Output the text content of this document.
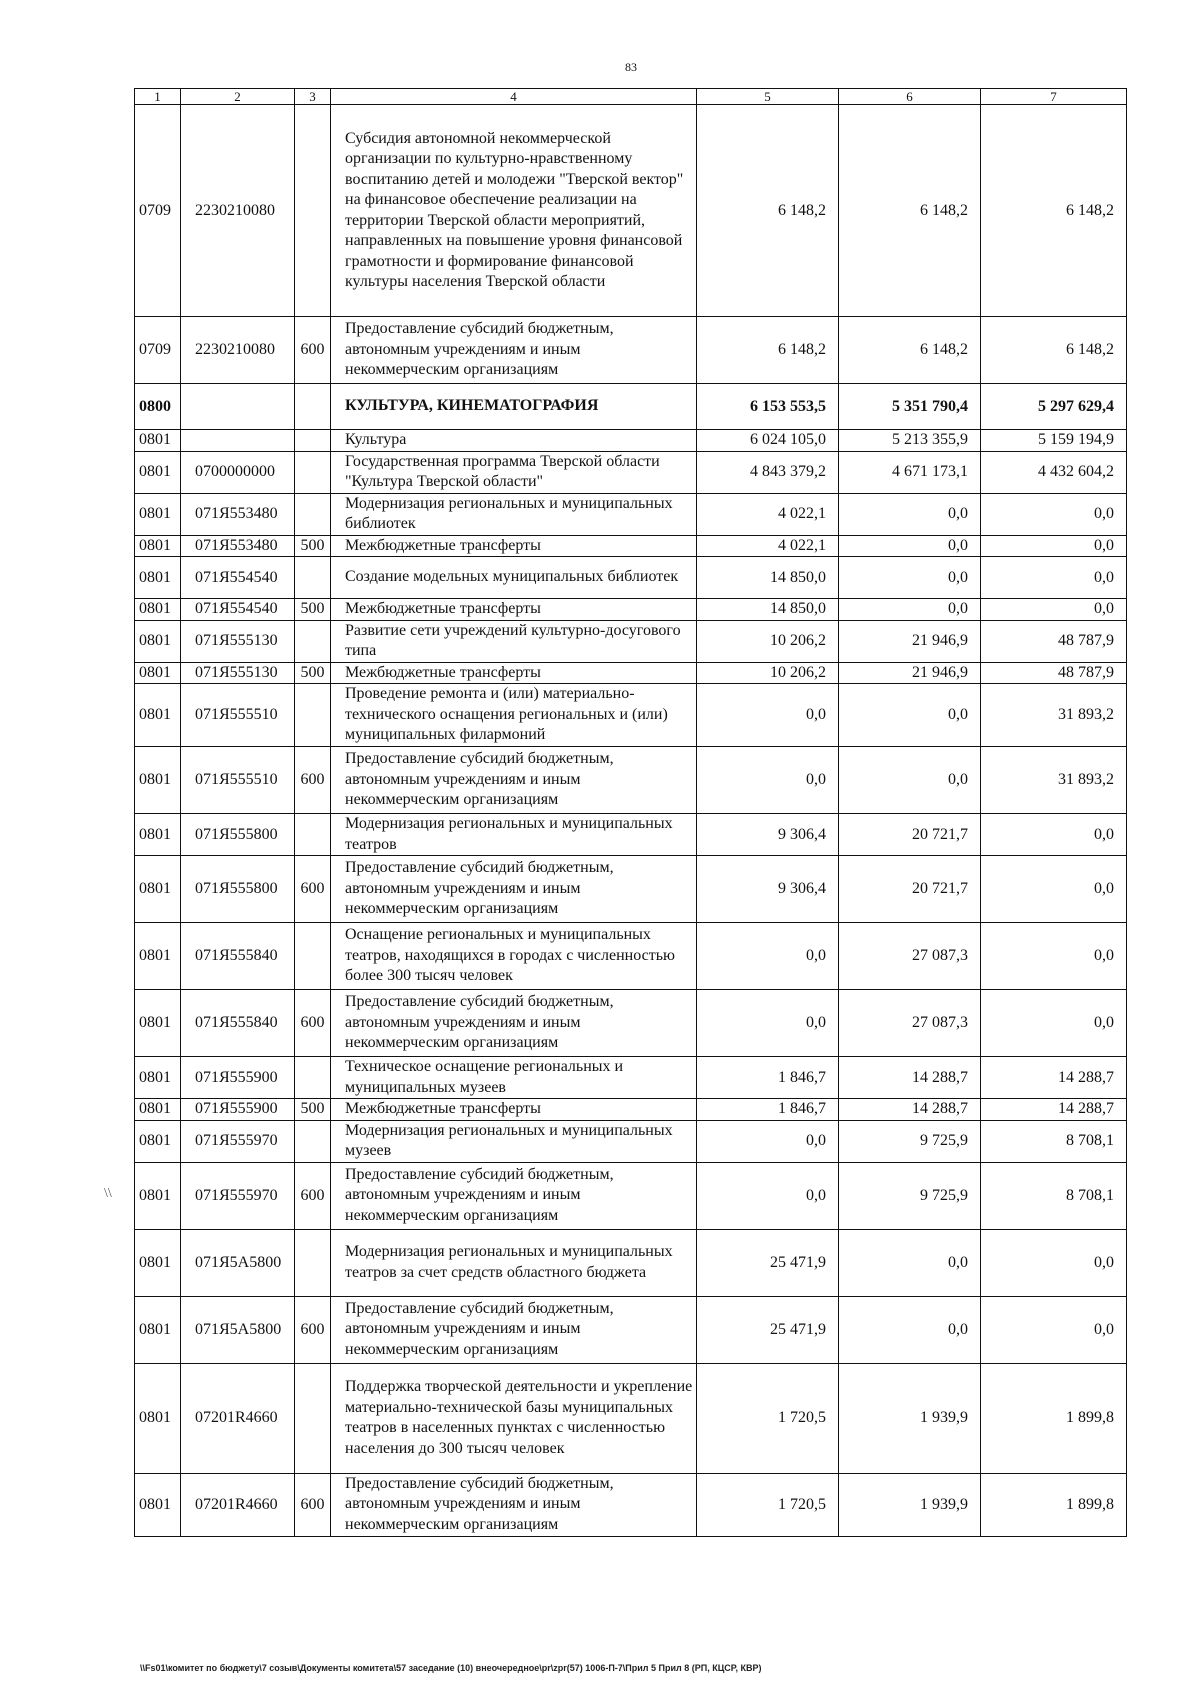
83
\\
1	2	3	4	5	6	7
0709	2230210080		Субсидия автономной некоммерческой организации по культурно-нравственному воспитанию детей и молодежи "Тверской вектор" на финансовое обеспечение реализации на территории Тверской области мероприятий, направленных на повышение уровня финансовой грамотности и формирование финансовой культуры населения Тверской области	6 148,2	6 148,2	6 148,2
0709	2230210080	600	Предоставление субсидий бюджетным, автономным учреждениям и иным некоммерческим организациям	6 148,2	6 148,2	6 148,2
0800			КУЛЬТУРА, КИНЕМАТОГРАФИЯ	6 153 553,5	5 351 790,4	5 297 629,4
0801			Культура	6 024 105,0	5 213 355,9	5 159 194,9
0801	0700000000		Государственная программа Тверской области "Культура Тверской области"	4 843 379,2	4 671 173,1	4 432 604,2
0801	071Я553480		Модернизация региональных и муниципальных библиотек	4 022,1	0,0	0,0
0801	071Я553480	500	Межбюджетные трансферты	4 022,1	0,0	0,0
0801	071Я554540		Создание модельных муниципальных библиотек	14 850,0	0,0	0,0
0801	071Я554540	500	Межбюджетные трансферты	14 850,0	0,0	0,0
0801	071Я555130		Развитие сети учреждений культурно-досугового типа	10 206,2	21 946,9	48 787,9
0801	071Я555130	500	Межбюджетные трансферты	10 206,2	21 946,9	48 787,9
0801	071Я555510		Проведение ремонта и (или) материально-технического оснащения региональных и (или) муниципальных филармоний	0,0	0,0	31 893,2
0801	071Я555510	600	Предоставление субсидий бюджетным, автономным учреждениям и иным некоммерческим организациям	0,0	0,0	31 893,2
0801	071Я555800		Модернизация региональных и муниципальных театров	9 306,4	20 721,7	0,0
0801	071Я555800	600	Предоставление субсидий бюджетным, автономным учреждениям и иным некоммерческим организациям	9 306,4	20 721,7	0,0
0801	071Я555840		Оснащение региональных и муниципальных театров, находящихся в городах с численностью более 300 тысяч человек	0,0	27 087,3	0,0
0801	071Я555840	600	Предоставление субсидий бюджетным, автономным учреждениям и иным некоммерческим организациям	0,0	27 087,3	0,0
0801	071Я555900		Техническое оснащение региональных и муниципальных музеев	1 846,7	14 288,7	14 288,7
0801	071Я555900	500	Межбюджетные трансферты	1 846,7	14 288,7	14 288,7
0801	071Я555970		Модернизация региональных и муниципальных музеев	0,0	9 725,9	8 708,1
0801	071Я555970	600	Предоставление субсидий бюджетным, автономным учреждениям и иным некоммерческим организациям	0,0	9 725,9	8 708,1
0801	071Я5А5800		Модернизация региональных и муниципальных театров за счет средств областного бюджета	25 471,9	0,0	0,0
0801	071Я5А5800	600	Предоставление субсидий бюджетным, автономным учреждениям и иным некоммерческим организациям	25 471,9	0,0	0,0
0801	07201R4660		Поддержка творческой деятельности и укрепление материально-технической базы муниципальных театров в населенных пунктах с численностью населения до 300 тысяч человек	1 720,5	1 939,9	1 899,8
0801	07201R4660	600	Предоставление субсидий бюджетным, автономным учреждениям и иным некоммерческим организациям	1 720,5	1 939,9	1 899,8
\\Fs01\комитет по бюджету\7 созыв\Документы комитета\57 заседание (10) внеочередное\pr\zpr(57) 1006-П-7\Прил 5 Прил 8 (РП, КЦСР, КВР)
